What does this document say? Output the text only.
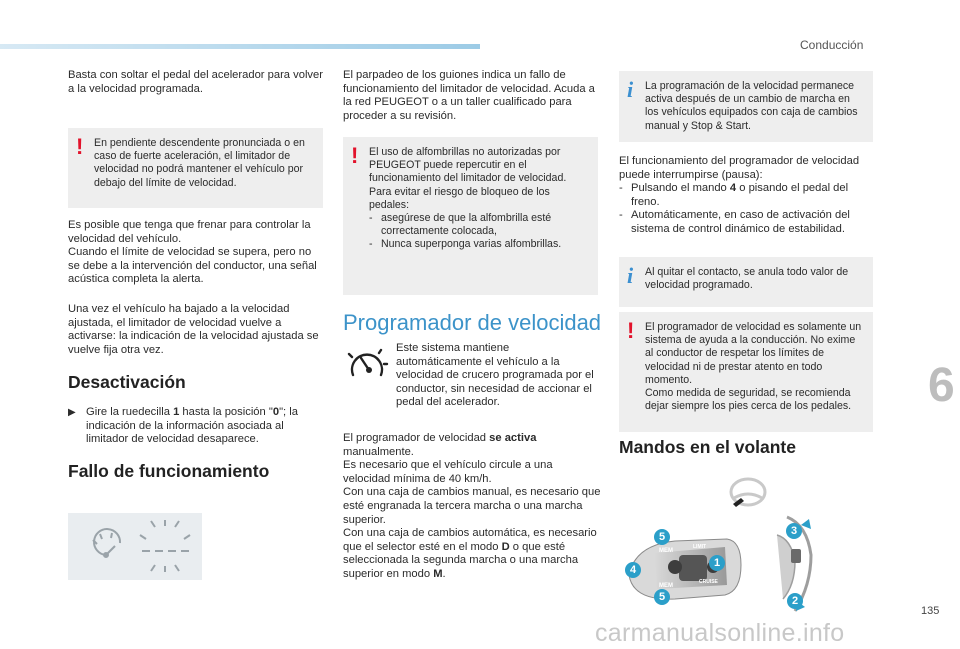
Conducción

Basta con soltar el pedal del acelerador para volver a la velocidad programada.

! En pendiente descendente pronunciada o en caso de fuerte aceleración, el limitador de velocidad no podrá mantener el vehículo por debajo del límite de velocidad.

Es posible que tenga que frenar para controlar la velocidad del vehículo.

Cuando el límite de velocidad se supera, pero no se debe a la intervención del conductor, una señal acústica completa la alerta.

Una vez el vehículo ha bajado a la velocidad ajustada, el limitador de velocidad vuelve a activarse: la indicación de la velocidad ajustada se vuelve fija otra vez.

Desactivación
▶ Gire la ruedecilla 1 hasta la posición "0"; la indicación de la información asociada al limitador de velocidad desaparece.
Fallo de funcionamiento

El parpadeo de los guiones indica un fallo de funcionamiento del limitador de velocidad. Acuda a la red PEUGEOT o a un taller cualificado para proceder a su revisión.

! El uso de alfombrillas no autorizadas por PEUGEOT puede repercutir en el funcionamiento del limitador de velocidad. Para evitar el riesgo de bloqueo de los pedales:
- asegúrese de que la alfombrilla esté correctamente colocada,
- Nunca superponga varias alfombrillas.
Programador de velocidad

Este sistema mantiene automáticamente el vehículo a la velocidad de crucero programada por el conductor, sin necesidad de accionar el pedal del acelerador.

El programador de velocidad se activa manualmente.

Es necesario que el vehículo circule a una velocidad mínima de 40 km/h.

Con una caja de cambios manual, es necesario que esté engranada la tercera marcha o una marcha superior.

Con una caja de cambios automática, es necesario que el selector esté en el modo D o que esté seleccionada la segunda marcha o una marcha superior en modo M.

i La programación de la velocidad permanece activa después de un cambio de marcha en los vehículos equipados con caja de cambios manual y Stop & Start.

El funcionamiento del programador de velocidad puede interrumpirse (pausa):

- Pulsando el mando 4 o pisando el pedal del freno.
- Automáticamente, en caso de activación del sistema de control dinámico de estabilidad.
i Al quitar el contacto, se anula todo valor de velocidad programado.
! El programador de velocidad es solamente un sistema de ayuda a la conducción. No exime al conductor de respetar los límites de velocidad ni de prestar atento en todo momento.
Como medida de seguridad, se recomienda dejar siempre los pies cerca de los pedales.
Mandos en el volante
MEM
LIMIT
CRUISE
MEM
1
2
3
4
5
5
6
135
carmanualsonline.info
